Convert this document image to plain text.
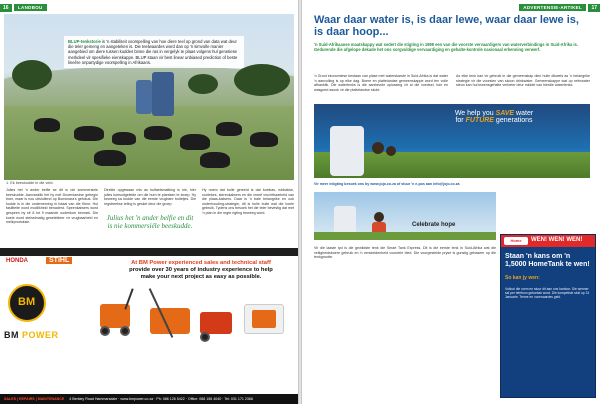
16	LANDBOU
BLUP-tenkstorie is 'n stabiliteit voorspelling van hoe diere teel op grond van data wat deur die teler gemeng en aangeteken is. Die teelwaardes word dan op 'n simvolle manier aangebied om diere tussen kuddes binne die ras in vergelyk te plaas volgens hul genetiese merkdeel vir spesifieke eienskappe. BLUP staan vir best linear unbiased prediction of beste lineêre onpartydige voorspelling in Afrikaans.
1. Ek beeskudde in die veld.
Julies het 'n ander belfie se dit is nie kommersiele beeskudde. Aanvanklik het hy met Droemlandse gebegin boer, maar is nou uitsluitend op Bonsmara's gefokus. Die kudde is in die onderneming in totaal van die Kleur. Hul fasiliteite word modlikheid benaderd. Speenkalwers word gespeen by sê 8 tot 9 maande ouderdom bemark. Die koeie word stelselmatig geselekteer vir vrugbaarheid en melkproduksie.
Direkte opgewaan mis as hulfaetsmalking is nie, hier julies koesuitgeleide om die hum te plantsen te stoep. Hy beweeg sa kudde van die eerste vrugbare bulletjes. Die regstreekse teling is geskei deur die groep.
Julius het 'n ander belfie en dit is nie kommersiële beeskudde.
Hy noem dat bulle gereeld is dat koeikas, rubbakke, rooitekes, stereokalwers en die vroeë vruchtbaarheid van die plaas-kalwers. Daar is 'n baie belangrike en ook onderhouding-strategie, dit is hulle bulle wat die koeie gebruik. Tydens ons besoek het die teler bevestig dat met 'n plan in die regte rigting beweeg word.
HONDA	STIHL	At BM Power experienced sales and technical staff
provide over 30 years of industry experience to help
make your next project as easy as possible.
BM
BM POWER
SALES | REPAIRS | MAINTENANCE 4 Berkley Road Hammarsdale · www.bmpower.co.za · Ph: 086 126 5422 · Office: 068 156 4040 · Tel: 031 171 2368
ADVERTENSIE-ARTIKEL	17
Waar daar water is, is daar lewe, waar daar lewe is, is daar hoop...
'n Suid-Afrikaanse maatskappy wat sedert die stigting in 1998 een van die voorste vervaardigers van waterverbindings in Suid-Afrika is. Gedurende die afgelope dekade het ons sorgvuldige vervaardiging en gehalte-kontrole nasionaal erkenning verwerf.
'n Groot ekonomiese bestaan van plase met waterskarste in Suid-Afrika is dat water 'n aanvulling is op elke dag. Boere en plattelandse gemeenskappe word ten volle afhanklik. Die watertenks is die aanbevole oplossing vir al die voedsel, tuin en wasgoed asook vir die plattelandse skole.
As elke tenk kan vir gebruik in die gemeenskap dien hulle dikwels as 'n belangrike strategie vir die voorsien van skoon drinkwater. Gemeenskappe wat op reënwater steun kan hul lewensgehalte verbeter deur middel van hierdie watertenks.
We help you SAVE water
for FUTURE generations
Vir meer inligting besoek ons by www.jojo.co.za of stuur 'n e-pos aan info@jojo.co.za
Celebrate hope
Vir die laaste tyd is die gewildste tenk die Smart Tank Express. Dit is die eerste tenk in Suid-Afrika wat die veiligheidsboere gebruik en 'n verskeidenheid voordele bied. Die voorgestelde pryse is gunstig gebaseer op die tenkgrootte.
Home	WEN! WEN! WEN!
Staan 'n kans om 'n 1,5000 HomeTank te wen!
So kan jy wen:
Voltooi die vorm en stuur dit aan ons kantoor. Die wenner sal per telefoon gekontak word. Die kompetisie sluit op 31 Januarie. Terme en voorwaardes geld.
